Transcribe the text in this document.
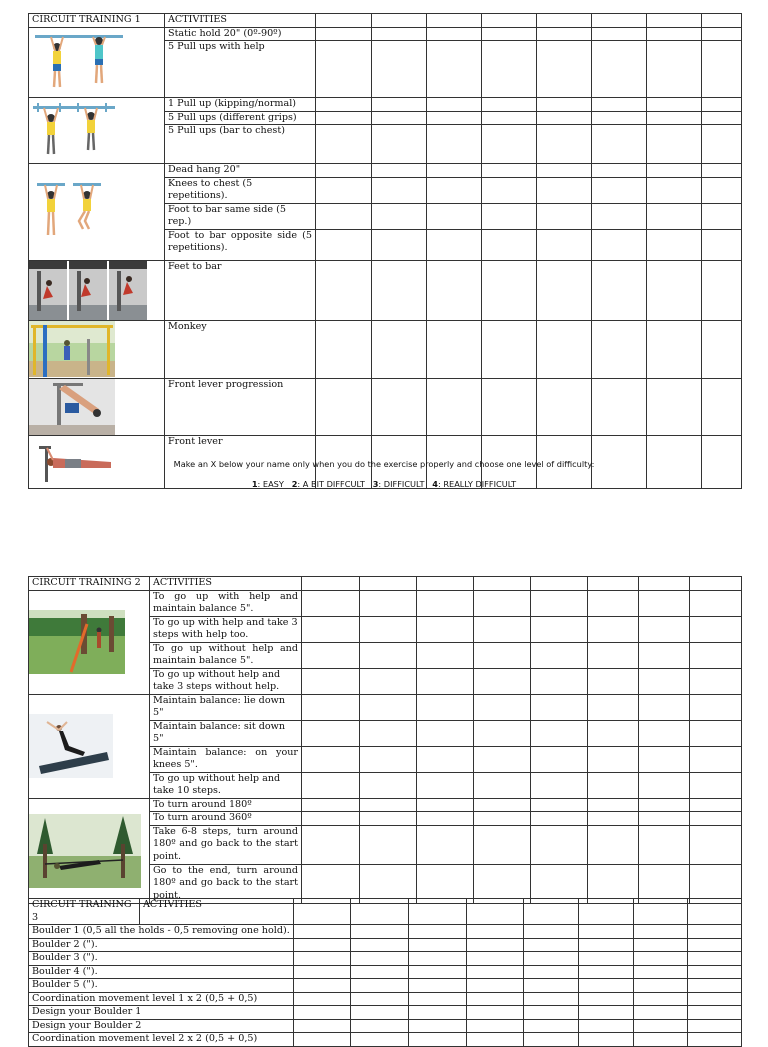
CIRCUIT TRAINING 1	ACTIVITIES								

	Static hold 20" (0º-90º)								
	5 Pull ups with help								

	1 Pull up (kipping/normal)								
	5 Pull ups (different grips)								
	5 Pull ups (bar to chest)								

	Dead hang 20"								
	Knees to chest (5 repetitions).								
	Foot to bar same side (5 rep.)								
	Foot to bar opposite side (5 repetitions).								

	Feet to bar								

	Monkey								

	Front lever progression								

	Front lever								
Make an X below your name only when you do the exercise properly and choose one level of difficulty:
1: EASY 2: A BIT DIFFCULT 3: DIFFICULT 4: REALLY DIFFICULT
CIRCUIT TRAINING 2	ACTIVITIES								

	To go up with help and maintain balance 5".								
	To go up with help and take 3 steps with help too.								
	To go up without help and maintain balance 5".								
	To go up without help and take 3 steps without help.								

	Maintain balance: lie down 5"								
	Maintain balance: sit down 5"								
	Maintain balance: on your knees 5".								
	To go up without help and take 10 steps.								

	To turn around 180º								
	To turn around 360º								
	Take 6-8 steps, turn around 180º and go back to the start point.								
	Go to the end, turn around 180º and go back to the start point.								
CIRCUIT TRAINING 3	ACTIVITIES								
Boulder 1 (0,5 all the holds - 0,5 removing one hold).									
Boulder 2 (").									
Boulder 3 (").									
Boulder 4 (").									
Boulder 5 (").									
Coordination movement level 1 x 2 (0,5 + 0,5)									
Design your Boulder 1									
Design your Boulder 2									
Coordination movement level 2 x 2 (0,5 + 0,5)									
